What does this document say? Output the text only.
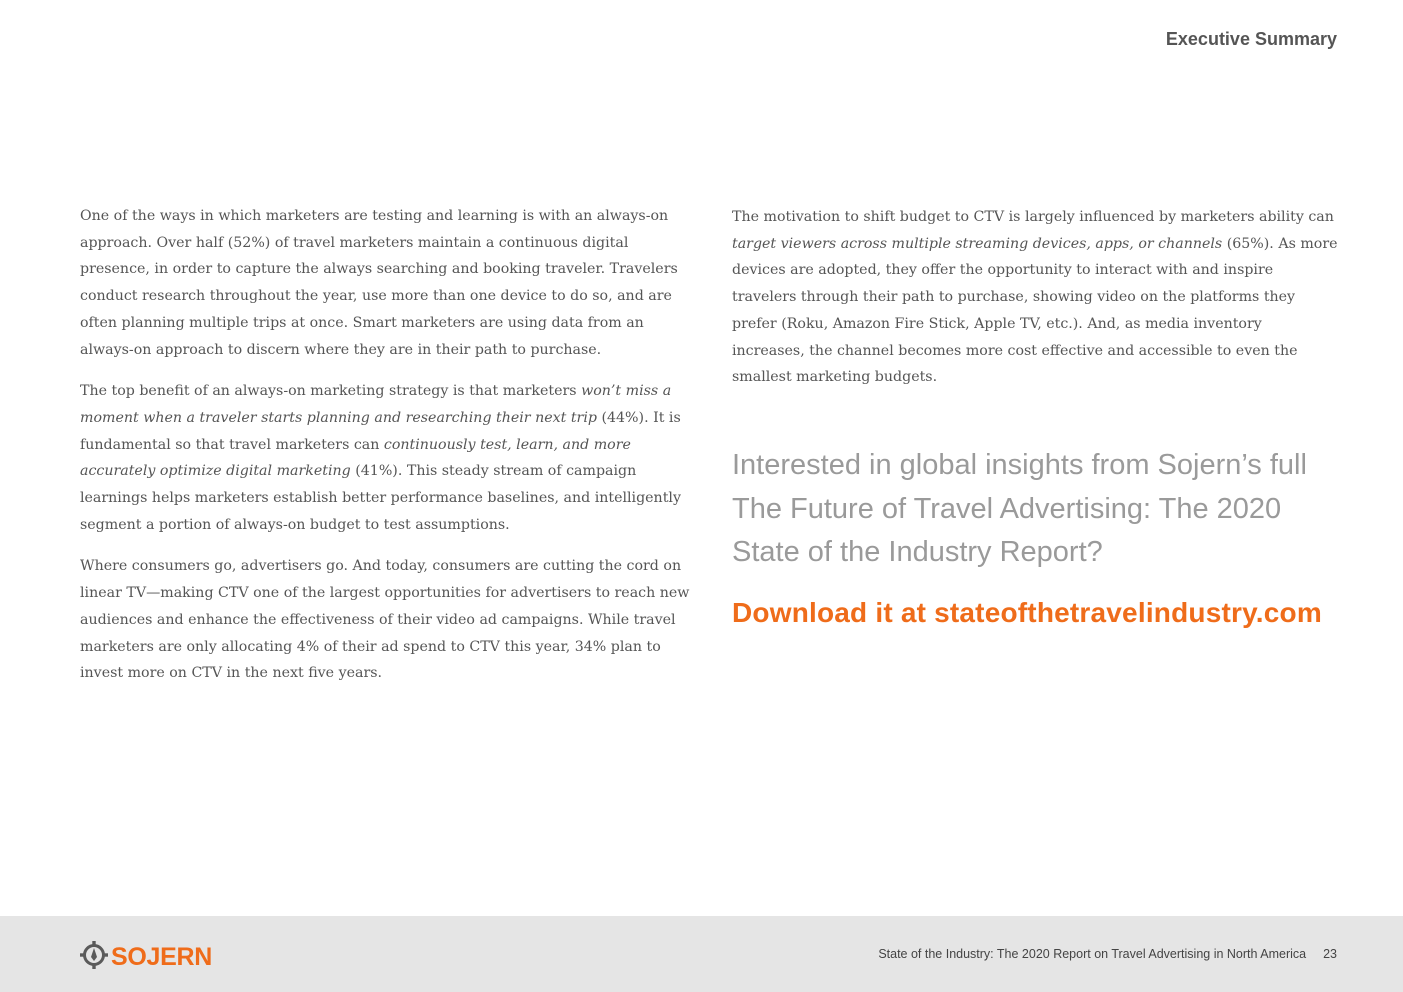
Executive Summary

One of the ways in which marketers are testing and learning is with an always-on approach. Over half (52%) of travel marketers maintain a continuous digital presence, in order to capture the always searching and booking traveler. Travelers conduct research throughout the year, use more than one device to do so, and are often planning multiple trips at once. Smart marketers are using data from an always-on approach to discern where they are in their path to purchase.

The top benefit of an always-on marketing strategy is that marketers won’t miss a moment when a traveler starts planning and researching their next trip (44%). It is fundamental so that travel marketers can continuously test, learn, and more accurately optimize digital marketing (41%). This steady stream of campaign learnings helps marketers establish better performance baselines, and intelligently segment a portion of always-on budget to test assumptions.

Where consumers go, advertisers go. And today, consumers are cutting the cord on linear TV—making CTV one of the largest opportunities for advertisers to reach new audiences and enhance the effectiveness of their video ad campaigns. While travel marketers are only allocating 4% of their ad spend to CTV this year, 34% plan to invest more on CTV in the next five years.

The motivation to shift budget to CTV is largely influenced by marketers ability can target viewers across multiple streaming devices, apps, or channels (65%). As more devices are adopted, they offer the opportunity to interact with and inspire travelers through their path to purchase, showing video on the platforms they prefer (Roku, Amazon Fire Stick, Apple TV, etc.). And, as media inventory increases, the channel becomes more cost effective and accessible to even the smallest marketing budgets.

Interested in global insights from Sojern’s full The Future of Travel Advertising: The 2020 State of the Industry Report?

Download it at stateofthetravelindustry.com
SOJERN	State of the Industry: The 2020 Report on Travel Advertising in North America 23
